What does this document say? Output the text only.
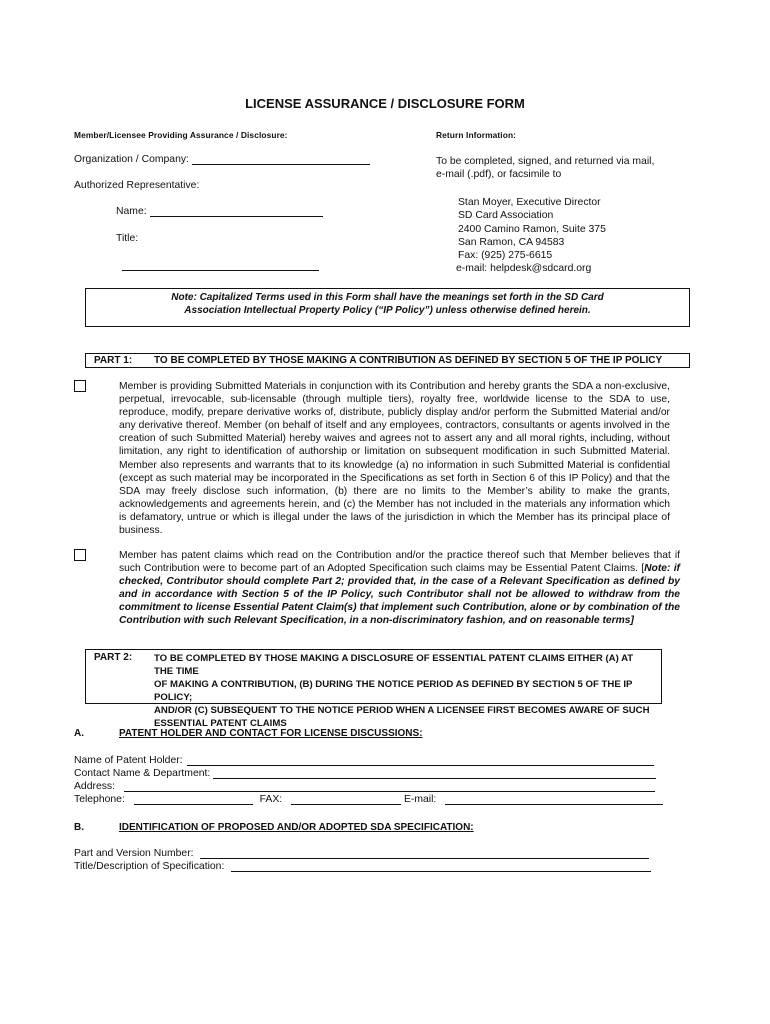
LICENSE ASSURANCE / DISCLOSURE FORM
Member/Licensee Providing Assurance / Disclosure:	Return Information:
Organization / Company:
Authorized Representative:
Name:
Title:
To be completed, signed, and returned via mail,
e-mail (.pdf), or facsimile to
Stan Moyer, Executive Director
SD Card Association
2400 Camino Ramon, Suite 375
San Ramon, CA 94583
Fax: (925) 275-6615
e-mail: helpdesk@sdcard.org
Note: Capitalized Terms used in this Form shall have the meanings set forth in the SD Card
Association Intellectual Property Policy (“IP Policy”) unless otherwise defined herein.
PART 1: TO BE COMPLETED BY THOSE MAKING A CONTRIBUTION AS DEFINED BY SECTION 5 OF THE IP POLICY
Member is providing Submitted Materials in conjunction with its Contribution and hereby grants the SDA a non-exclusive, perpetual, irrevocable, sub-licensable (through multiple tiers), royalty free, worldwide license to the SDA to use, reproduce, modify, prepare derivative works of, distribute, publicly display and/or perform the Submitted Material and/or any derivative thereof. Member (on behalf of itself and any employees, contractors, consultants or agents involved in the creation of such Submitted Material) hereby waives and agrees not to assert any and all moral rights, including, without limitation, any right to identification of authorship or limitation on subsequent modification in such Submitted Material. Member also represents and warrants that to its knowledge (a) no information in such Submitted Material is confidential (except as such material may be incorporated in the Specifications as set forth in Section 6 of this IP Policy) and that the SDA may freely disclose such information, (b) there are no limits to the Member’s ability to make the grants, acknowledgements and agreements herein, and (c) the Member has not included in the materials any information which is defamatory, untrue or which is illegal under the laws of the jurisdiction in which the Member has its principal place of business.
Member has patent claims which read on the Contribution and/or the practice thereof such that Member believes that if such Contribution were to become part of an Adopted Specification such claims may be Essential Patent Claims. [Note: if checked, Contributor should complete Part 2; provided that, in the case of a Relevant Specification as defined by and in accordance with Section 5 of the IP Policy, such Contributor shall not be allowed to withdraw from the commitment to license Essential Patent Claim(s) that implement such Contribution, alone or by combination of the Contribution with such Relevant Specification, in a non-discriminatory fashion, and on reasonable terms]
PART 2: TO BE COMPLETED BY THOSE MAKING A DISCLOSURE OF ESSENTIAL PATENT CLAIMS EITHER (A) AT THE TIME
OF MAKING A CONTRIBUTION, (B) DURING THE NOTICE PERIOD AS DEFINED BY SECTION 5 OF THE IP POLICY;
AND/OR (C) SUBSEQUENT TO THE NOTICE PERIOD WHEN A LICENSEE FIRST BECOMES AWARE OF SUCH
ESSENTIAL PATENT CLAIMS
A.	PATENT HOLDER AND CONTACT FOR LICENSE DISCUSSIONS:
Name of Patent Holder:
Contact Name & Department:
Address:
Telephone:	FAX:	E-mail:
B.	IDENTIFICATION OF PROPOSED AND/OR ADOPTED SDA SPECIFICATION:
Part and Version Number:
Title/Description of Specification:
